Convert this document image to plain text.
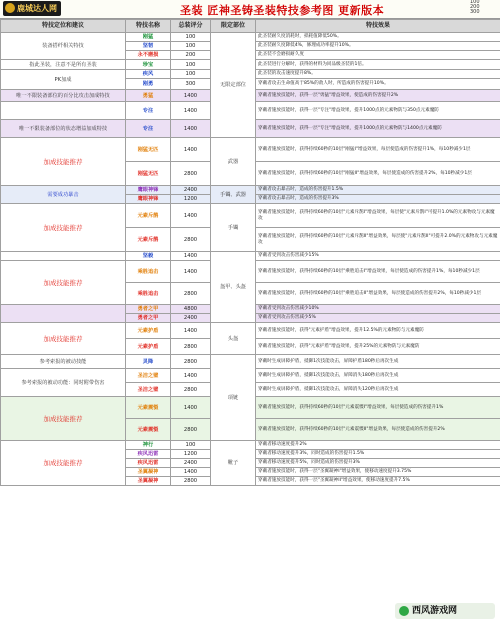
鹿城达人网	圣装 匠神圣铸圣装特技参考图 更新版本
100
200
300
特技定位和建议	特技名称	总装评分	限定部位	特技效果
装备搭纤相关特技	刚猛	100	无限定部位	此圣装耐久度消耗时，损耗值降低50%。
	坚韧	100		此圣装耐久度降低4%，修理成功率提升10%。
	永不磨损	200		此圣装不会磨损耐久度
指此圣装，注意不是所有圣装	珍宝	100		此圣装进行分解时，获得的材料为同品级圣装的1倍。
PK加成	疾风	100		此圣装的攻击速度提升8%。
	刚勇	300		穿戴者攻击生命值高于85%的敌人时，所造成的伤害提升10%。
唯一不限装备部位的百分比攻击加成特技	勇猛	1400		穿戴者施放技能时，获得一层"勇猛"增益效果，使造成的伤害提升2%
	专注	1400		穿戴者施放技能时，获得一层"专注"增益效果，提升1000点的元素物防与350点元素魔防
唯一不限装备部位的状态增益加成特技	专注	1400		穿戴者施放技能时，获得一层"专注"增益效果，提升1000点的元素物防与1400点元素魔防
加成技能推荐	刚猛无匹	1400	武器	穿戴者施放技能时，获得持续60秒的10层"刚猛I"增益效果，每层使造成的伤害提升1%，每10秒减少1层
	刚猛无匹	2800		穿戴者施放技能时，获得持续60秒的10层"刚猛II"增益效果，每层使造成的伤害提升2%，每10秒减少1层
需要成功暴击	鹰眼神锋	2400	手镯、武器	穿戴者攻击暴击时，造成的伤害提升1.5%
	鹰眼神锋	1200		穿戴者攻击暴击时，造成的伤害提升3%
加成技能推荐	元素斥鹊	1400	手镯	穿戴者施放技能时，获得持续60秒的10层"元素斥鹊I"增益效果，每层使"元素斥鹊I"可提升1.0%的元素物攻与元素魔攻
	元素斥鹊	2800		穿戴者施放技能时，获得持续60秒的10层"元素斥鹊II"增益效果，每层使"元素斥鹊II"可提升2.0%的元素物攻与元素魔攻
	坚毅	1400	盔甲、头盔	穿戴者受到攻击伤害减少15%
加成技能推荐	乘胜追击	1400		穿戴者施放技能时，获得持续60秒的10层"乘胜追击I"增益效果，每层使造成的伤害提升1%，每10秒减少1层
	乘胜追击	2800		穿戴者施放技能时，获得持续60秒的10层"乘胜追击II"增益效果，每层使造成的伤害提升2%，每10秒减少1层
	勇者之甲	4800		穿戴者受到攻击伤害减少10%
	勇者之甲	2400		穿戴者受到攻击伤害减少5%
加成技能推荐	元素护盾	1400	头盔	穿戴者施放技能时，获得"元素护盾"增益效果，提升12.5%的元素物防与元素魔防
	元素护盾	2800		穿戴者施放技能时，获得"元素护盾"增益效果，提升25%的元素物防与元素魔防
参考索报的被动技能	灵降	2800	项链	穿戴时生成屏障护盾，抵御1次技能攻击，屏障护盾180秒后再次生成
参考索报的被动功能：同时附带伤害	圣洁之璧	1400		穿戴时生成屏障护盾，抵御1次技能攻击，屏障消失180秒后再次生成
	圣洁之璧	2800		穿戴时生成屏障护盾，抵御1次技能攻击，屏障消失120秒后再次生成
加成技能推荐	元素震慑	1400		穿戴者施放技能时，获得持续60秒的10层"元素震慑I"增益效果，每层使造成的伤害提升1%
	元素震慑	2800		穿戴者施放技能时，获得持续60秒的10层"元素震慑II"增益效果，每层使造成的伤害提升2%
加成技能推荐	神行	100	靴子	穿戴者移动速度提升2%
	疾风迅雷	1200		穿戴者移动速度提升3%，同时造成的伤害提升1.5%
	疾风迅雷	2400		穿戴者移动速度提升5%，同时造成的伤害提升3%
	圣翼凝神	1400		穿戴者施放技能时，获得一层"圣翼凝神I"增益效果，使移动速度提升3.75%
	圣翼凝神	2800		穿戴者施放技能时，获得一层"圣翼凝神II"增益效果，使移动速度提升7.5%
西风游戏网
